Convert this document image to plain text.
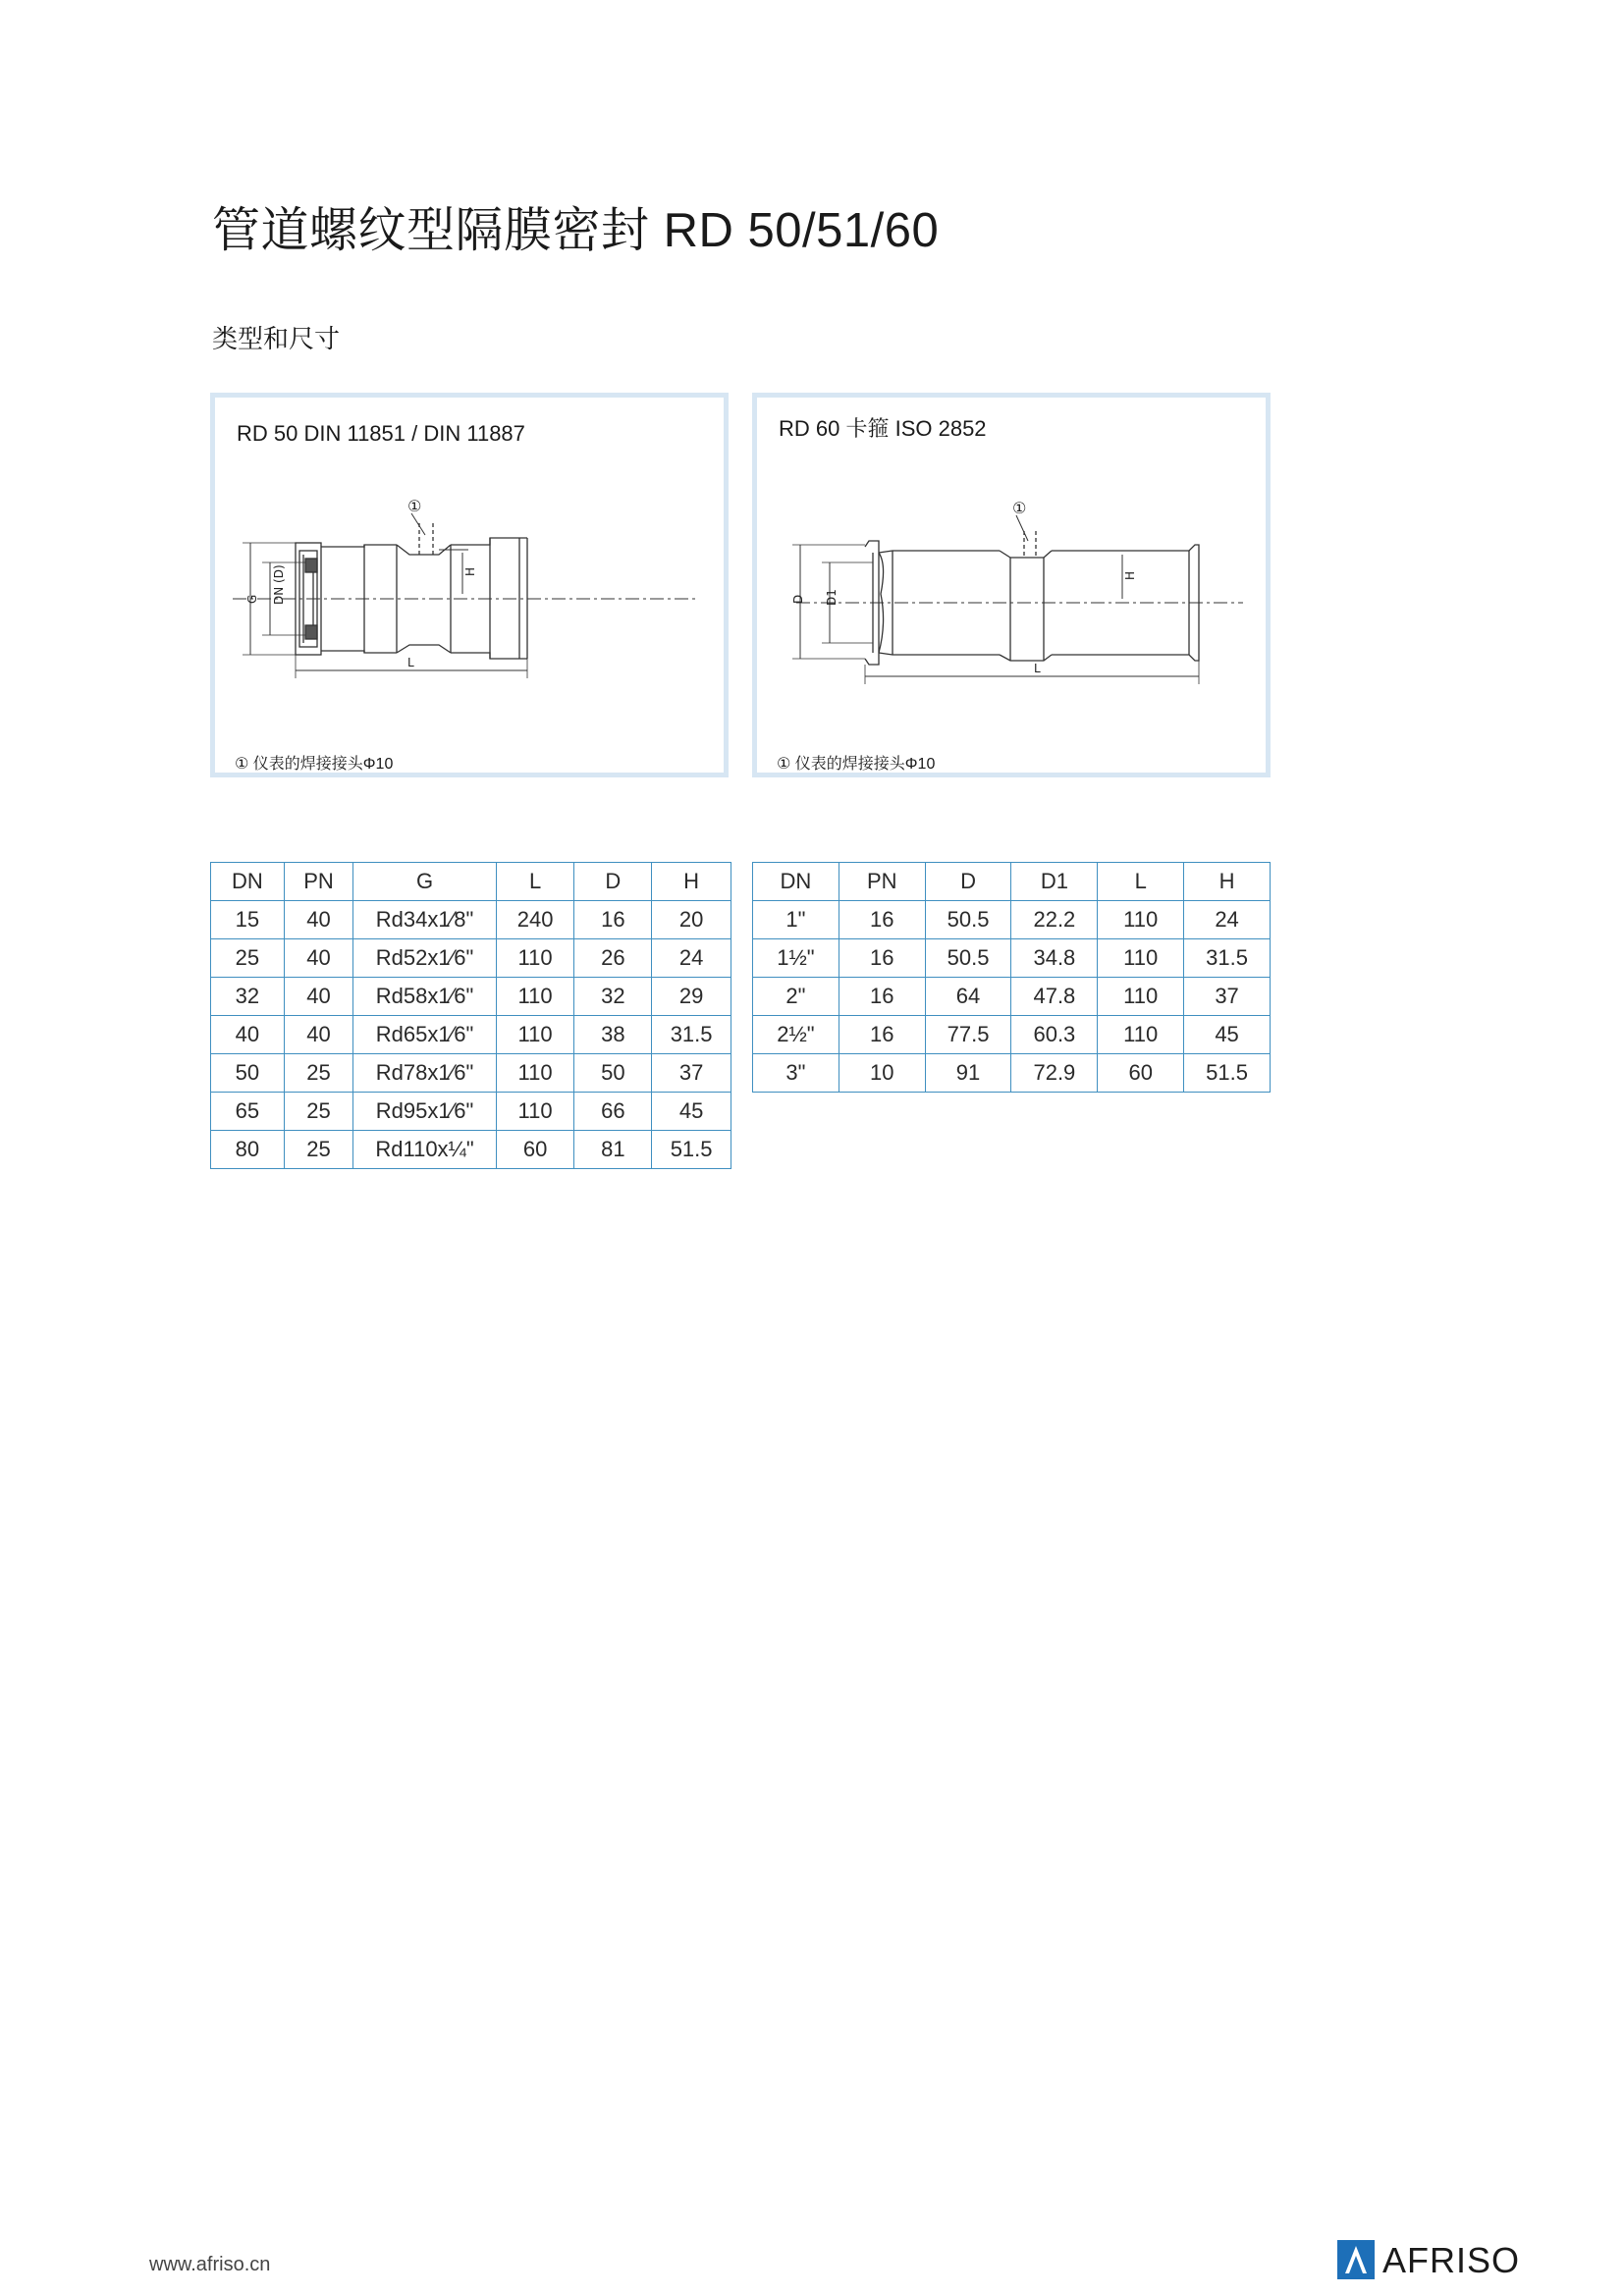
管道螺纹型隔膜密封 RD 50/51/60
类型和尺寸
RD 50 DIN 11851 / DIN 11887
①
G DN (D)	H
L
① 仪表的焊接接头Φ10
RD 60 卡箍 ISO 2852
①
D D1
H
L
① 仪表的焊接接头Φ10
DN	PN	G	L	D	H
15	40	Rd34x1⁄8"	240	16	20
25	40	Rd52x1⁄6"	110	26	24
32	40	Rd58x1⁄6"	110	32	29
40	40	Rd65x1⁄6"	110	38	31.5
50	25	Rd78x1⁄6"	110	50	37
65	25	Rd95x1⁄6"	110	66	45
80	25	Rd110x¼"	60	81	51.5
DN	PN	D	D1	L	H
1"	16	50.5	22.2	110	24
1½"	16	50.5	34.8	110	31.5
2"	16	64	47.8	110	37
2½"	16	77.5	60.3	110	45
3"	10	91	72.9	60	51.5
www.afriso.cn	AFRISO
